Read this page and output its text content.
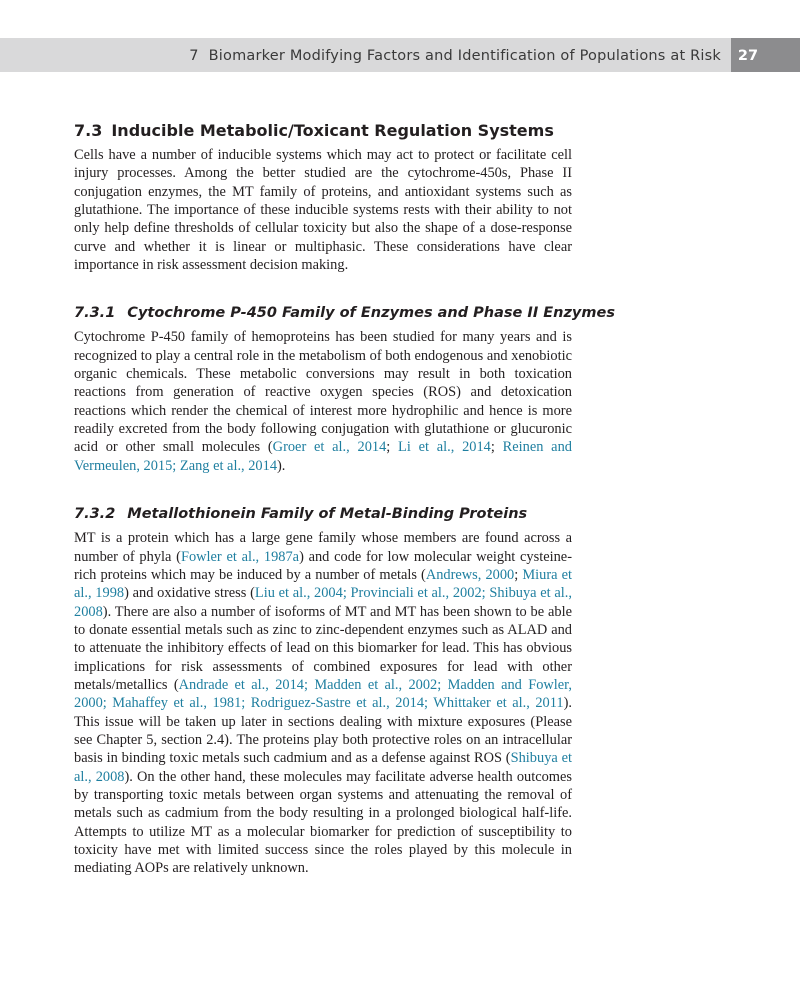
7 Biomarker Modifying Factors and Identification of Populations at Risk	27
7.3 Inducible Metabolic/Toxicant Regulation Systems

Cells have a number of inducible systems which may act to protect or facilitate cell injury processes. Among the better studied are the cytochrome-450s, Phase II conjugation enzymes, the MT family of proteins, and antioxidant systems such as glutathione. The importance of these inducible systems rests with their ability to not only help define thresholds of cellular toxicity but also the shape of a dose-response curve and whether it is linear or multiphasic. These considerations have clear importance in risk assessment decision making.

7.3.1 Cytochrome P-450 Family of Enzymes and Phase II Enzymes

Cytochrome P-450 family of hemoproteins has been studied for many years and is recognized to play a central role in the metabolism of both endogenous and xenobiotic organic chemicals. These metabolic conversions may result in both toxication reactions from generation of reactive oxygen species (ROS) and detoxication reactions which render the chemical of interest more hydrophilic and hence is more readily excreted from the body following conjugation with glutathione or glucuronic acid or other small molecules (Groer et al., 2014; Li et al., 2014; Reinen and Vermeulen, 2015; Zang et al., 2014).

7.3.2 Metallothionein Family of Metal-Binding Proteins

MT is a protein which has a large gene family whose members are found across a number of phyla (Fowler et al., 1987a) and code for low molecular weight cysteine-rich proteins which may be induced by a number of metals (Andrews, 2000; Miura et al., 1998) and oxidative stress (Liu et al., 2004; Provinciali et al., 2002; Shibuya et al., 2008). There are also a number of isoforms of MT and MT has been shown to be able to donate essential metals such as zinc to zinc-dependent enzymes such as ALAD and to attenuate the inhibitory effects of lead on this biomarker for lead. This has obvious implications for risk assessments of combined exposures for lead with other metals/metallics (Andrade et al., 2014; Madden et al., 2002; Madden and Fowler, 2000; Mahaffey et al., 1981; Rodriguez-Sastre et al., 2014; Whittaker et al., 2011). This issue will be taken up later in sections dealing with mixture exposures (Please see Chapter 5, section 2.4). The proteins play both protective roles on an intracellular basis in binding toxic metals such cadmium and as a defense against ROS (Shibuya et al., 2008). On the other hand, these molecules may facilitate adverse health outcomes by transporting toxic metals between organ systems and attenuating the removal of metals such as cadmium from the body resulting in a prolonged biological half-life. Attempts to utilize MT as a molecular biomarker for prediction of susceptibility to toxicity have met with limited success since the roles played by this molecule in mediating AOPs are relatively unknown.
